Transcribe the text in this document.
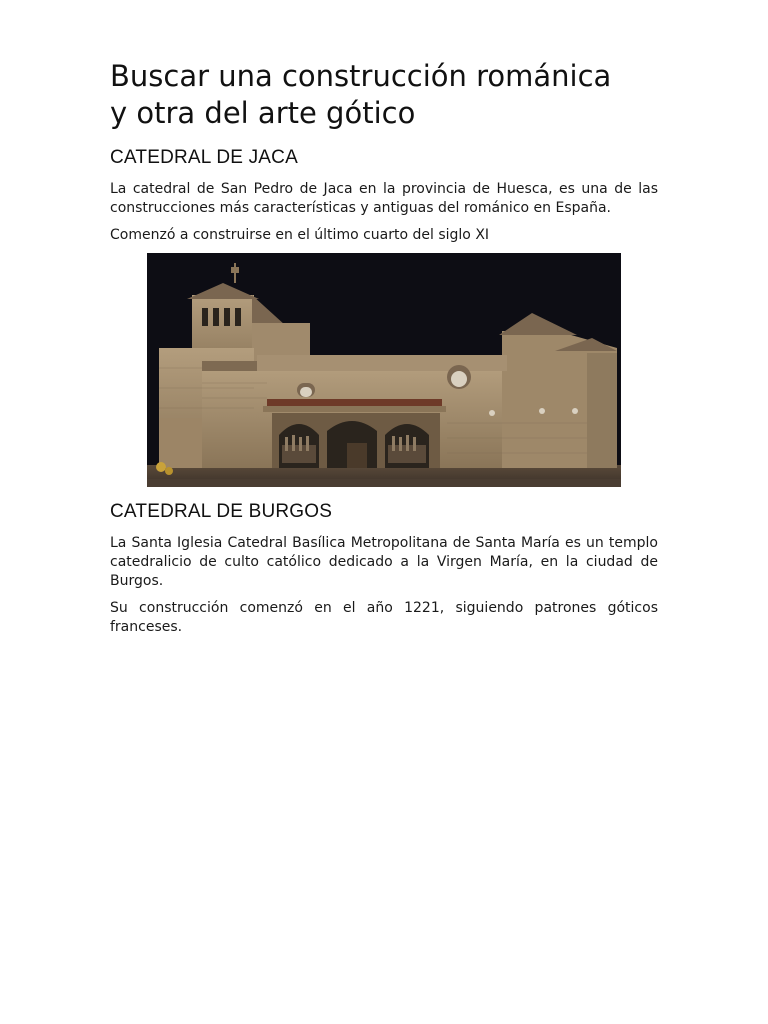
Buscar una construcción románica
y otra del arte gótico
CATEDRAL DE JACA

La catedral de San Pedro de Jaca en la provincia de Huesca, es una de las construcciones más características y antiguas del románico en España.

Comenzó a construirse en el último cuarto del siglo XI

CATEDRAL DE BURGOS

La Santa Iglesia Catedral Basílica Metropolitana de Santa María es un templo catedralicio de culto católico dedicado a la Virgen María, en la ciudad de Burgos.

Su construcción comenzó en el año 1221, siguiendo patrones góticos franceses.
